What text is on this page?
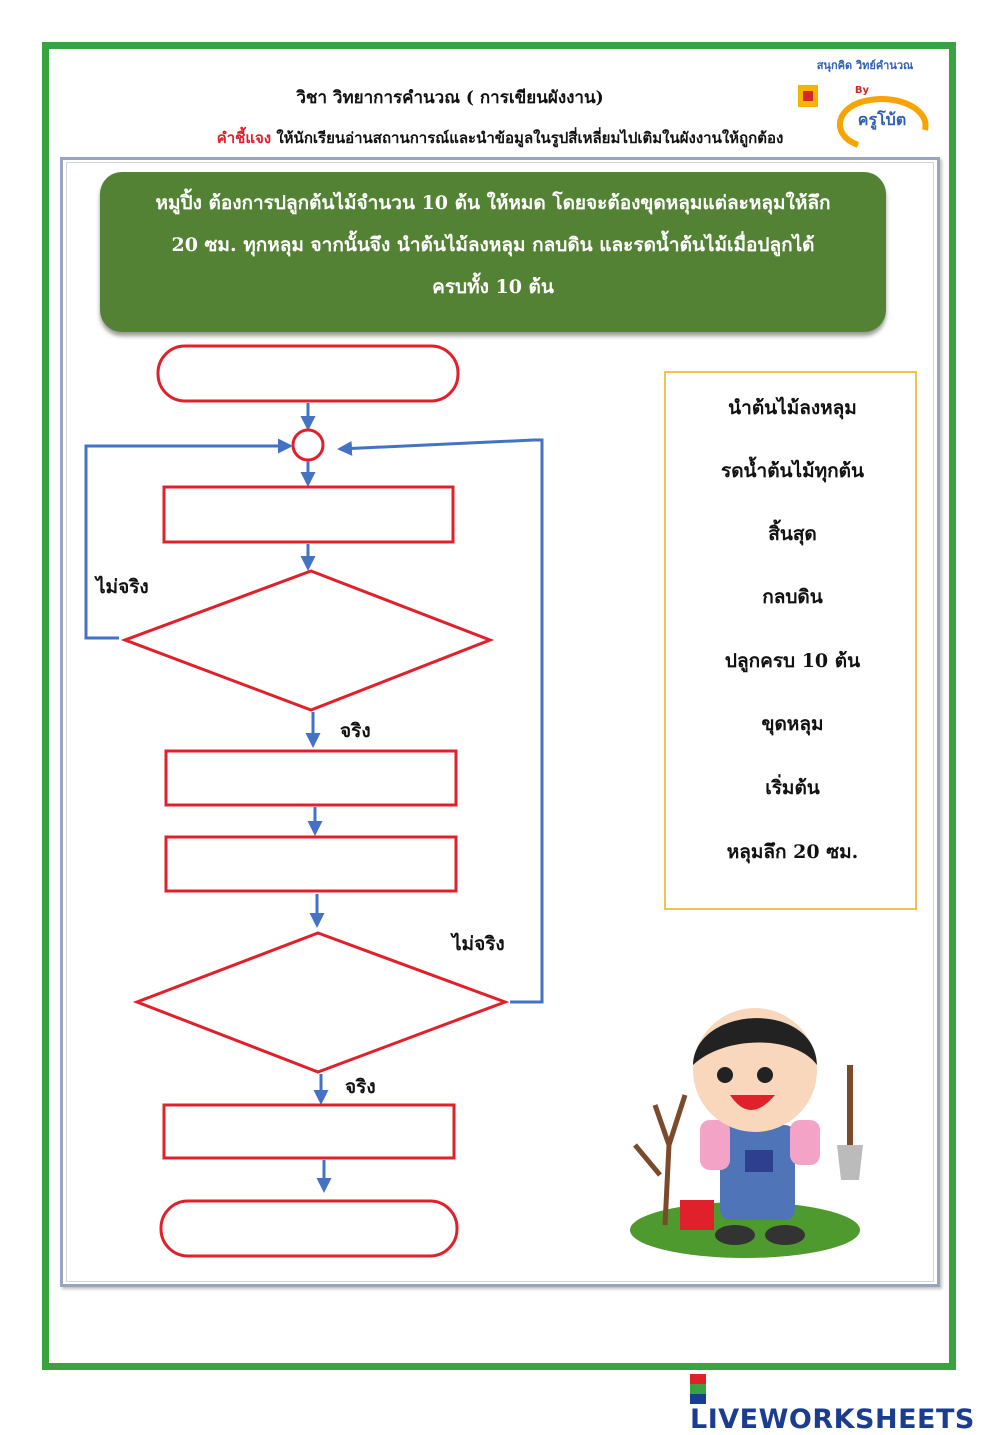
วิชา วิทยาการคำนวณ ( การเขียนผังงาน)
คำชี้แจง ให้นักเรียนอ่านสถานการณ์และนำข้อมูลในรูปสี่เหลี่ยมไปเติมในผังงานให้ถูกต้อง
สนุกคิด วิทย์คำนวณ
By
ครูโบ้ต
หมูปิ้ง ต้องการปลูกต้นไม้จำนวน 10 ต้น ให้หมด โดยจะต้องขุดหลุมแต่ละหลุมให้ลึก
20 ซม. ทุกหลุม จากนั้นจึง นำต้นไม้ลงหลุม กลบดิน และรดน้ำต้นไม้เมื่อปลูกได้
ครบทั้ง 10 ต้น
ไม่จริง
จริง
ไม่จริง
จริง
นำต้นไม้ลงหลุม
รดน้ำต้นไม้ทุกต้น
สิ้นสุด
กลบดิน
ปลูกครบ 10 ต้น
ขุดหลุม
เริ่มต้น
หลุมลึก 20 ซม.
LIVEWORKSHEETS
